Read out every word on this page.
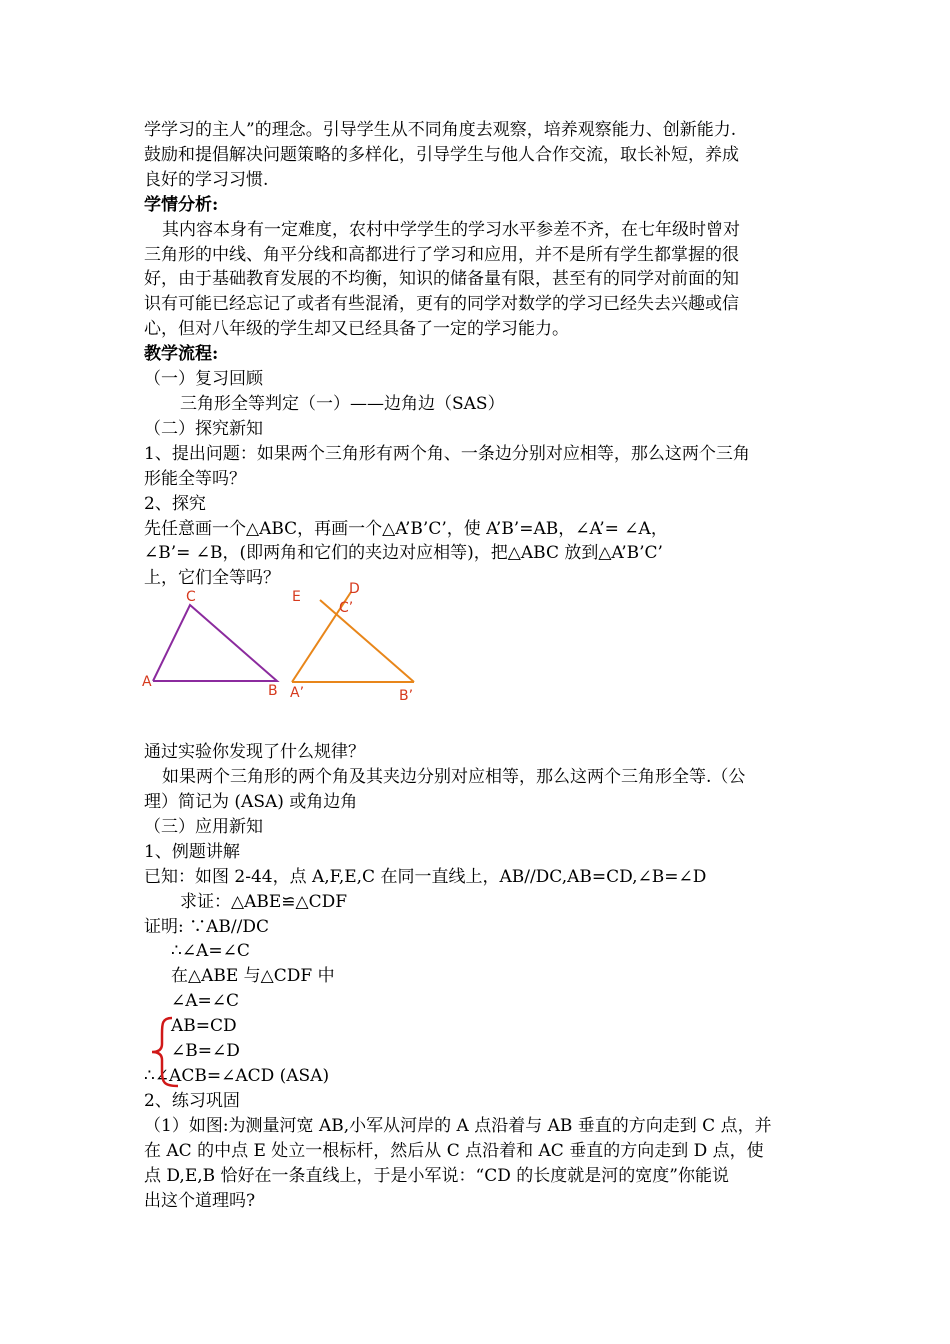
学学习的主人”的理念。引导学生从不同角度去观察，培养观察能力、创新能力.

鼓励和提倡解决问题策略的多样化，引导学生与他人合作交流，取长补短，养成

良好的学习习惯.

学情分析:

其内容本身有一定难度，农村中学学生的学习水平参差不齐，在七年级时曾对

三角形的中线、角平分线和高都进行了学习和应用，并不是所有学生都掌握的很

好，由于基础教育发展的不均衡，知识的储备量有限，甚至有的同学对前面的知

识有可能已经忘记了或者有些混淆，更有的同学对数学的学习已经失去兴趣或信

心，但对八年级的学生却又已经具备了一定的学习能力。

教学流程:

（一）复习回顾

三角形全等判定（一）——边角边（SAS）

（二）探究新知

1、提出问题：如果两个三角形有两个角、一条边分别对应相等，那么这两个三角

形能全等吗？

2、探究

先任意画一个△ABC，再画一个△A’B’C’，使 A’B’=AB，∠A’= ∠A，

∠B’= ∠B，(即两角和它们的夹边对应相等)，把△ABC 放到△A’B’C’

上，它们全等吗？

C
A
B
E	D
C’
A’	B’

通过实验你发现了什么规律？

如果两个三角形的两个角及其夹边分别对应相等，那么这两个三角形全等.（公

理）简记为 (ASA) 或角边角

（三）应用新知

1、例题讲解

已知：如图 2-44，点 A,F,E,C 在同一直线上，AB//DC,AB=CD,∠B=∠D

求证：△ABE≌△CDF

证明: ∵AB//DC

∴∠A=∠C

在△ABE 与△CDF 中

∠A=∠C

AB=CD

∠B=∠D

∴∠ACB=∠ACD (ASA)

2、练习巩固

（1）如图:为测量河宽 AB,小军从河岸的 A 点沿着与 AB 垂直的方向走到 C 点，并

在 AC 的中点 E 处立一根标杆，然后从 C 点沿着和 AC 垂直的方向走到 D 点，使

点 D,E,B 恰好在一条直线上，于是小军说：“CD 的长度就是河的宽度”你能说

出这个道理吗?
